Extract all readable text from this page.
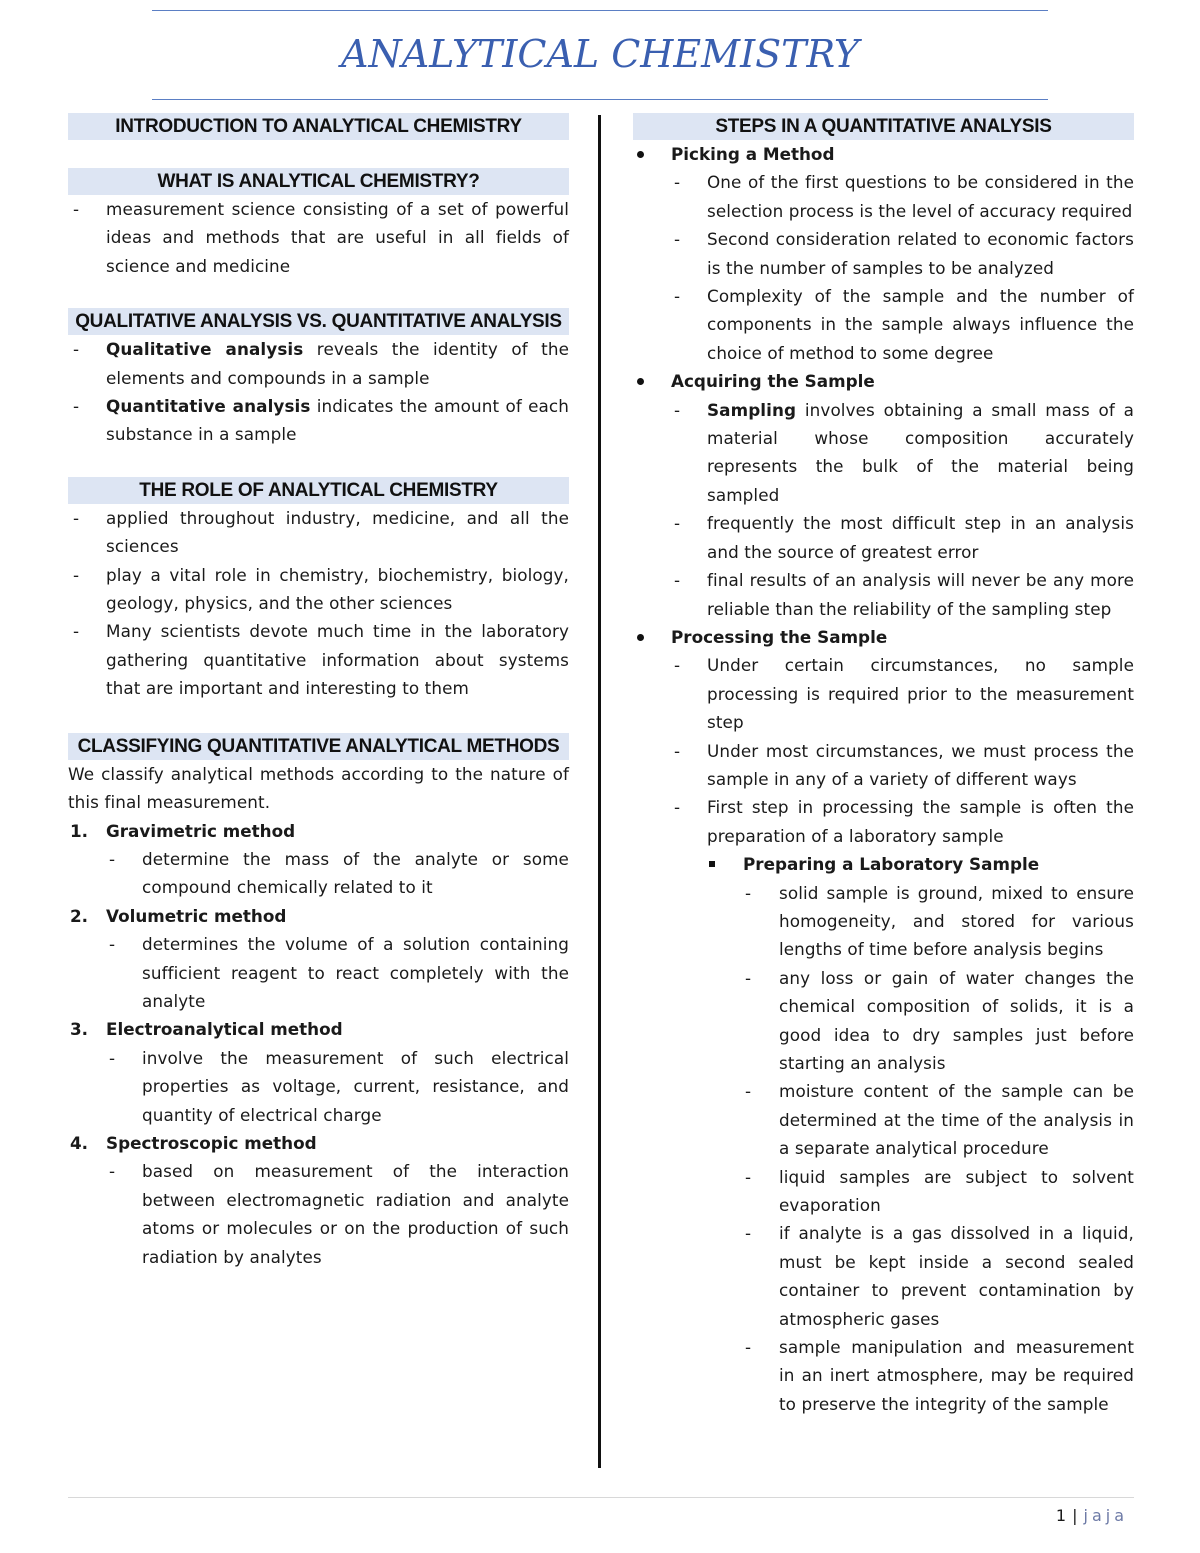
ANALYTICAL CHEMISTRY
INTRODUCTION TO ANALYTICAL CHEMISTRY
WHAT IS ANALYTICAL CHEMISTRY?
- measurement science consisting of a set of powerful ideas and methods that are useful in all fields of science and medicine
QUALITATIVE ANALYSIS VS. QUANTITATIVE ANALYSIS
- Qualitative analysis reveals the identity of the elements and compounds in a sample
- Quantitative analysis indicates the amount of each substance in a sample
THE ROLE OF ANALYTICAL CHEMISTRY
- applied throughout industry, medicine, and all the sciences
- play a vital role in chemistry, biochemistry, biology, geology, physics, and the other sciences
- Many scientists devote much time in the laboratory gathering quantitative information about systems that are important and interesting to them
CLASSIFYING QUANTITATIVE ANALYTICAL METHODS

We classify analytical methods according to the nature of this final measurement.

1. Gravimetric method
- determine the mass of the analyte or some compound chemically related to it
2. Volumetric method
- determines the volume of a solution containing sufficient reagent to react completely with the analyte
3. Electroanalytical method
- involve the measurement of such electrical properties as voltage, current, resistance, and quantity of electrical charge
4. Spectroscopic method
- based on measurement of the interaction between electromagnetic radiation and analyte atoms or molecules or on the production of such radiation by analytes
STEPS IN A QUANTITATIVE ANALYSIS
Picking a Method
- One of the first questions to be considered in the selection process is the level of accuracy required
- Second consideration related to economic factors is the number of samples to be analyzed
- Complexity of the sample and the number of components in the sample always influence the choice of method to some degree
Acquiring the Sample
- Sampling involves obtaining a small mass of a material whose composition accurately represents the bulk of the material being sampled
- frequently the most difficult step in an analysis and the source of greatest error
- final results of an analysis will never be any more reliable than the reliability of the sampling step
Processing the Sample
- Under certain circumstances, no sample processing is required prior to the measurement step
- Under most circumstances, we must process the sample in any of a variety of different ways
- First step in processing the sample is often the preparation of a laboratory sample
Preparing a Laboratory Sample
- solid sample is ground, mixed to ensure homogeneity, and stored for various lengths of time before analysis begins
- any loss or gain of water changes the chemical composition of solids, it is a good idea to dry samples just before starting an analysis
- moisture content of the sample can be determined at the time of the analysis in a separate analytical procedure
- liquid samples are subject to solvent evaporation
- if analyte is a gas dissolved in a liquid, must be kept inside a second sealed container to prevent contamination by atmospheric gases
- sample manipulation and measurement in an inert atmosphere, may be required to preserve the integrity of the sample
1 | jaja
